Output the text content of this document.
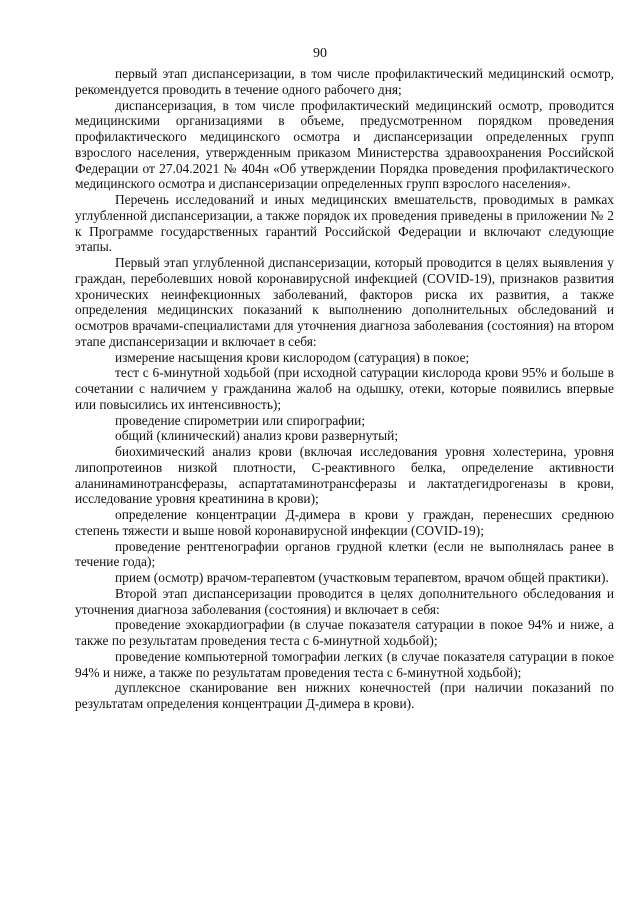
90

первый этап диспансеризации, в том числе профилактический медицинский осмотр, рекомендуется проводить в течение одного рабочего дня;

диспансеризация, в том числе профилактический медицинский осмотр, проводится медицинскими организациями в объеме, предусмотренном порядком проведения профилактического медицинского осмотра и диспансеризации определенных групп взрослого населения, утвержденным приказом Министерства здравоохранения Российской Федерации от 27.04.2021 № 404н «Об утверждении Порядка проведения профилактического медицинского осмотра и диспансеризации определенных групп взрослого населения».

Перечень исследований и иных медицинских вмешательств, проводимых в рамках углубленной диспансеризации, а также порядок их проведения приведены в приложении № 2 к Программе государственных гарантий Российской Федерации и включают следующие этапы.

Первый этап углубленной диспансеризации, который проводится в целях выявления у граждан, переболевших новой коронавирусной инфекцией (COVID-19), признаков развития хронических неинфекционных заболеваний, факторов риска их развития, а также определения медицинских показаний к выполнению дополнительных обследований и осмотров врачами-специалистами для уточнения диагноза заболевания (состояния) на втором этапе диспансеризации и включает в себя:

измерение насыщения крови кислородом (сатурация) в покое;

тест с 6-минутной ходьбой (при исходной сатурации кислорода крови 95% и больше в сочетании с наличием у гражданина жалоб на одышку, отеки, которые появились впервые или повысились их интенсивность);

проведение спирометрии или спирографии;

общий (клинический) анализ крови развернутый;

биохимический анализ крови (включая исследования уровня холестерина, уровня липопротеинов низкой плотности, С-реактивного белка, определение активности аланинаминотрансферазы, аспартатаминотрансферазы и лактатдегидрогеназы в крови, исследование уровня креатинина в крови);

определение концентрации Д-димера в крови у граждан, перенесших среднюю степень тяжести и выше новой коронавирусной инфекции (COVID-19);

проведение рентгенографии органов грудной клетки (если не выполнялась ранее в течение года);

прием (осмотр) врачом-терапевтом (участковым терапевтом, врачом общей практики).

Второй этап диспансеризации проводится в целях дополнительного обследования и уточнения диагноза заболевания (состояния) и включает в себя:

проведение эхокардиографии (в случае показателя сатурации в покое 94% и ниже, а также по результатам проведения теста с 6-минутной ходьбой);

проведение компьютерной томографии легких (в случае показателя сатурации в покое 94% и ниже, а также по результатам проведения теста с 6-минутной ходьбой);

дуплексное сканирование вен нижних конечностей (при наличии показаний по результатам определения концентрации Д-димера в крови).
